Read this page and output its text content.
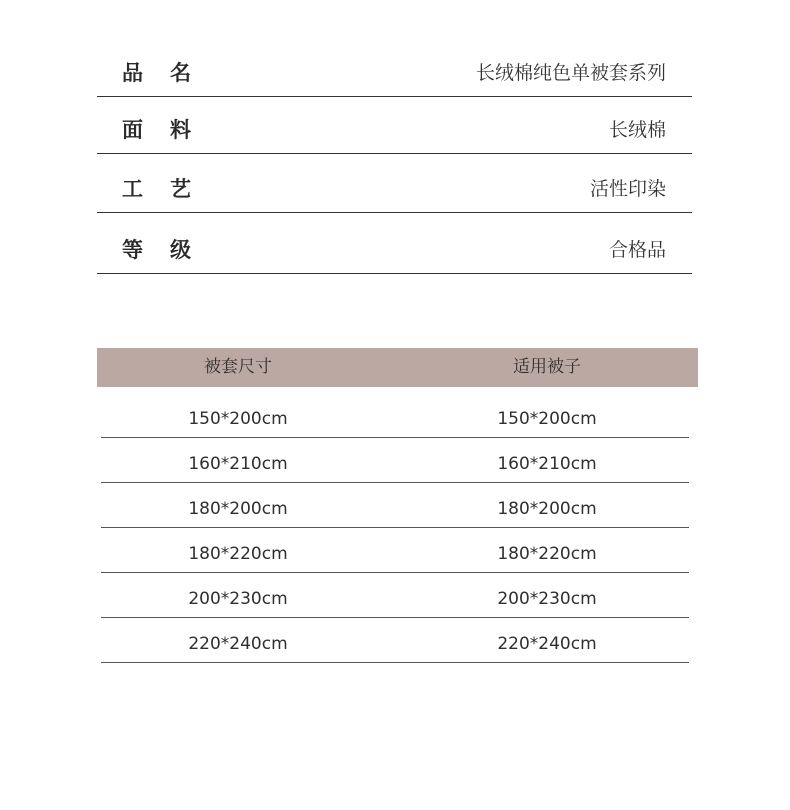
品 名	长绒棉纯色单被套系列
面 料	长绒棉
工 艺	活性印染
等 级	合格品
被套尺寸	适用被子
150*200cm	150*200cm
160*210cm	160*210cm
180*200cm	180*200cm
180*220cm	180*220cm
200*230cm	200*230cm
220*240cm	220*240cm
